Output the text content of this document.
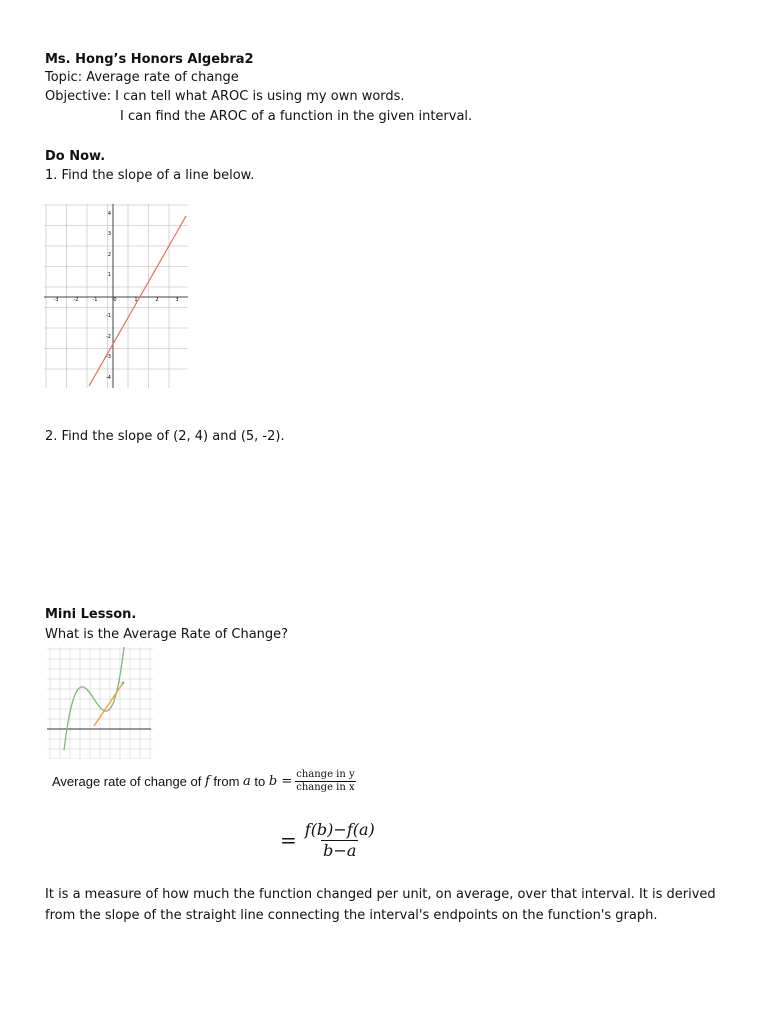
Ms. Hong’s Honors Algebra2
Topic: Average rate of change
Objective: I can tell what AROC is using my own words.
I can find the AROC of a function in the given interval.
Do Now.
1. Find the slope of a line below.
-3	-2	-1	0	1	2	3
4
3
2
1
-1
-2
-3
-4
2. Find the slope of (2, 4) and (5, -2).
Mini Lesson.
What is the Average Rate of Change?
Average rate of change of f from a to b = change in y
change in x
= $\frac{f(b)-f(a)}{b-a}$
It is a measure of how much the function changed per unit, on average, over that interval. It is derived from the slope of the straight line connecting the interval's endpoints on the function's graph.
